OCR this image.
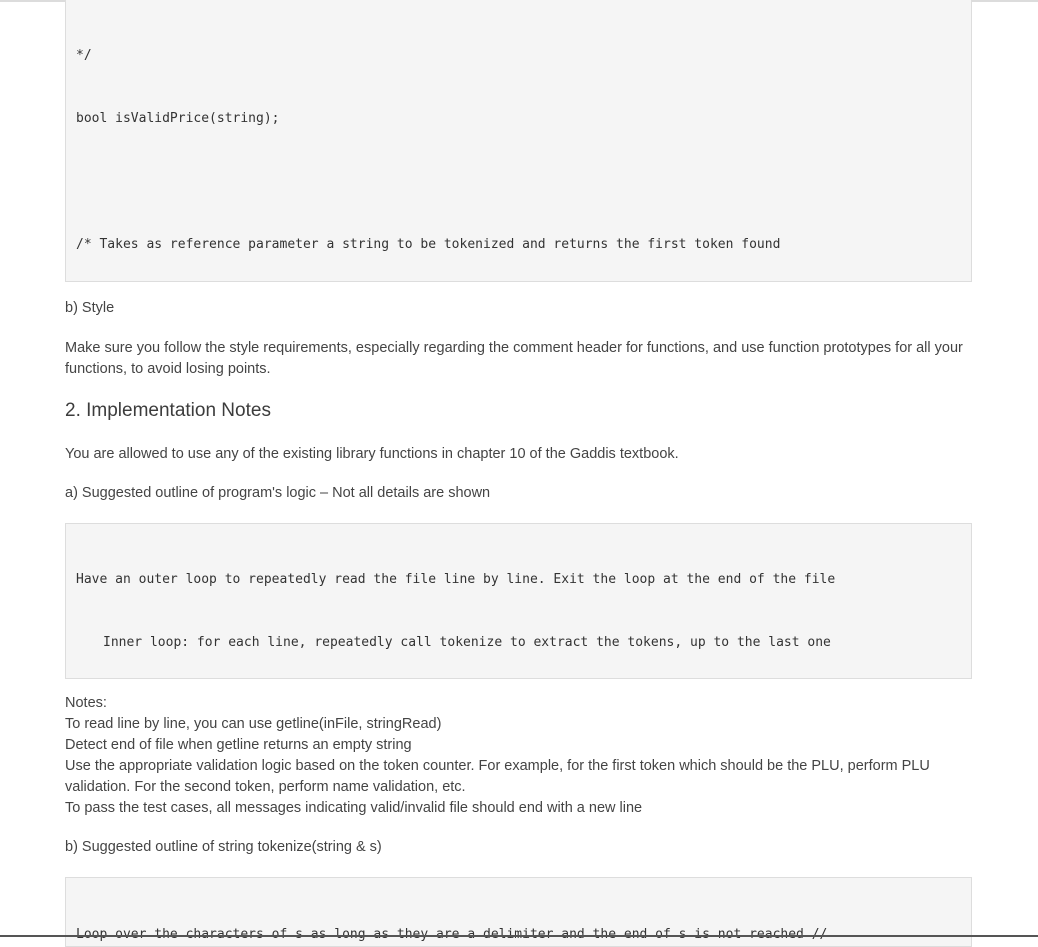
*/

bool isValidPrice(string);

/* Takes as reference parameter a string to be tokenized and returns the first token found

b) Style
Make sure you follow the style requirements, especially regarding the comment header for functions, and use function prototypes for all your functions, to avoid losing points.
2. Implementation Notes
You are allowed to use any of the existing library functions in chapter 10 of the Gaddis textbook.
a) Suggested outline of program's logic – Not all details are shown

Have an outer loop to repeatedly read the file line by line. Exit the loop at the end of the file

Inner loop: for each line, repeatedly call tokenize to extract the tokens, up to the last one

Notes:
To read line by line, you can use getline(inFile, stringRead)
Detect end of file when getline returns an empty string
Use the appropriate validation logic based on the token counter. For example, for the first token which should be the PLU, perform PLU validation. For the second token, perform name validation, etc.
To pass the test cases, all messages indicating valid/invalid file should end with a new line
b) Suggested outline of string tokenize(string & s)
